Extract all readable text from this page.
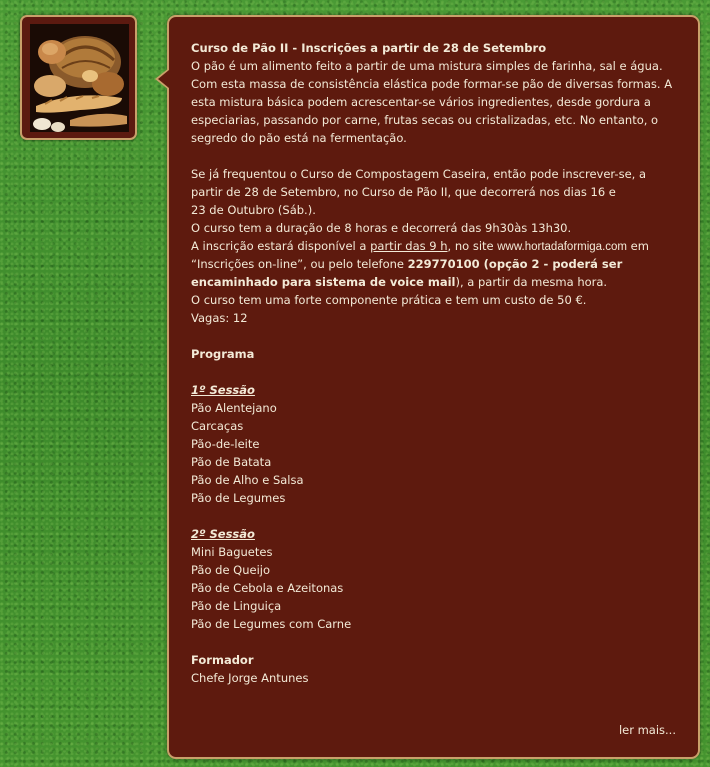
Curso de Pão II - Inscrições a partir de 28 de Setembro
O pão é um alimento feito a partir de uma mistura simples de farinha, sal e água.
Com esta massa de consistência elástica pode formar-se pão de diversas formas. A
esta mistura básica podem acrescentar-se vários ingredientes, desde gordura a
especiarias, passando por carne, frutas secas ou cristalizadas, etc. No entanto, o
segredo do pão está na fermentação.
Se já frequentou o Curso de Compostagem Caseira, então pode inscrever-se, a
partir de 28 de Setembro, no Curso de Pão II, que decorrerá nos dias 16 e
23 de Outubro (Sáb.).
O curso tem a duração de 8 horas e decorrerá das 9h30às 13h30.
A inscrição estará disponível a partir das 9 h, no site www.hortadaformiga.com em
“Inscrições on-line”, ou pelo telefone 229770100 (opção 2 - poderá ser
encaminhado para sistema de voice mail), a partir da mesma hora.
O curso tem uma forte componente prática e tem um custo de 50 €.
Vagas: 12
Programa
1º Sessão
Pão Alentejano
Carcaças
Pão-de-leite
Pão de Batata
Pão de Alho e Salsa
Pão de Legumes
2º Sessão
Mini Baguetes
Pão de Queijo
Pão de Cebola e Azeitonas
Pão de Linguiça
Pão de Legumes com Carne
Formador
Chefe Jorge Antunes
ler mais...
